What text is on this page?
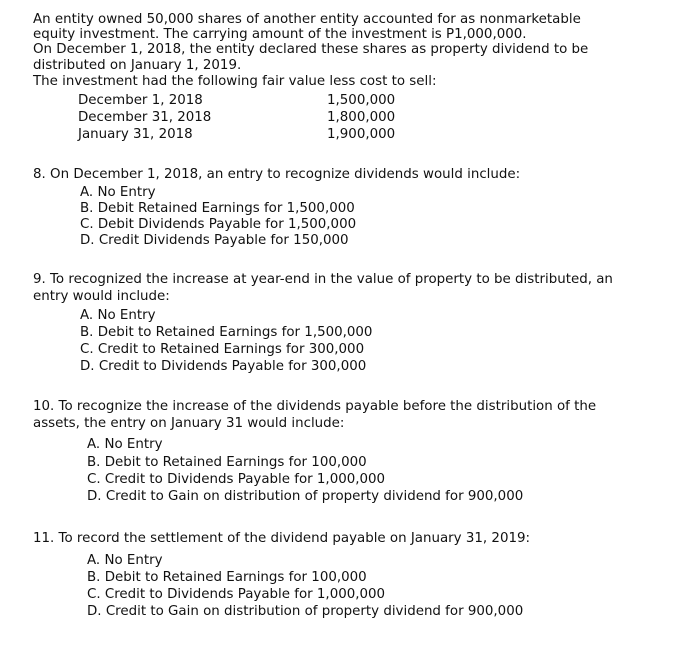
An entity owned 50,000 shares of another entity accounted for as nonmarketable
equity investment. The carrying amount of the investment is P1,000,000.
On December 1, 2018, the entity declared these shares as property dividend to be
distributed on January 1, 2019.
The investment had the following fair value less cost to sell:
December 1, 2018	1,500,000
December 31, 2018	1,800,000
January 31, 2018	1,900,000
8. On December 1, 2018, an entry to recognize dividends would include:
A. No Entry
B. Debit Retained Earnings for 1,500,000
C. Debit Dividends Payable for 1,500,000
D. Credit Dividends Payable for 150,000
9. To recognized the increase at year-end in the value of property to be distributed, an
entry would include:
A. No Entry
B. Debit to Retained Earnings for 1,500,000
C. Credit to Retained Earnings for 300,000
D. Credit to Dividends Payable for 300,000
10. To recognize the increase of the dividends payable before the distribution of the
assets, the entry on January 31 would include:
A. No Entry
B. Debit to Retained Earnings for 100,000
C. Credit to Dividends Payable for 1,000,000
D. Credit to Gain on distribution of property dividend for 900,000
11. To record the settlement of the dividend payable on January 31, 2019:
A. No Entry
B. Debit to Retained Earnings for 100,000
C. Credit to Dividends Payable for 1,000,000
D. Credit to Gain on distribution of property dividend for 900,000
